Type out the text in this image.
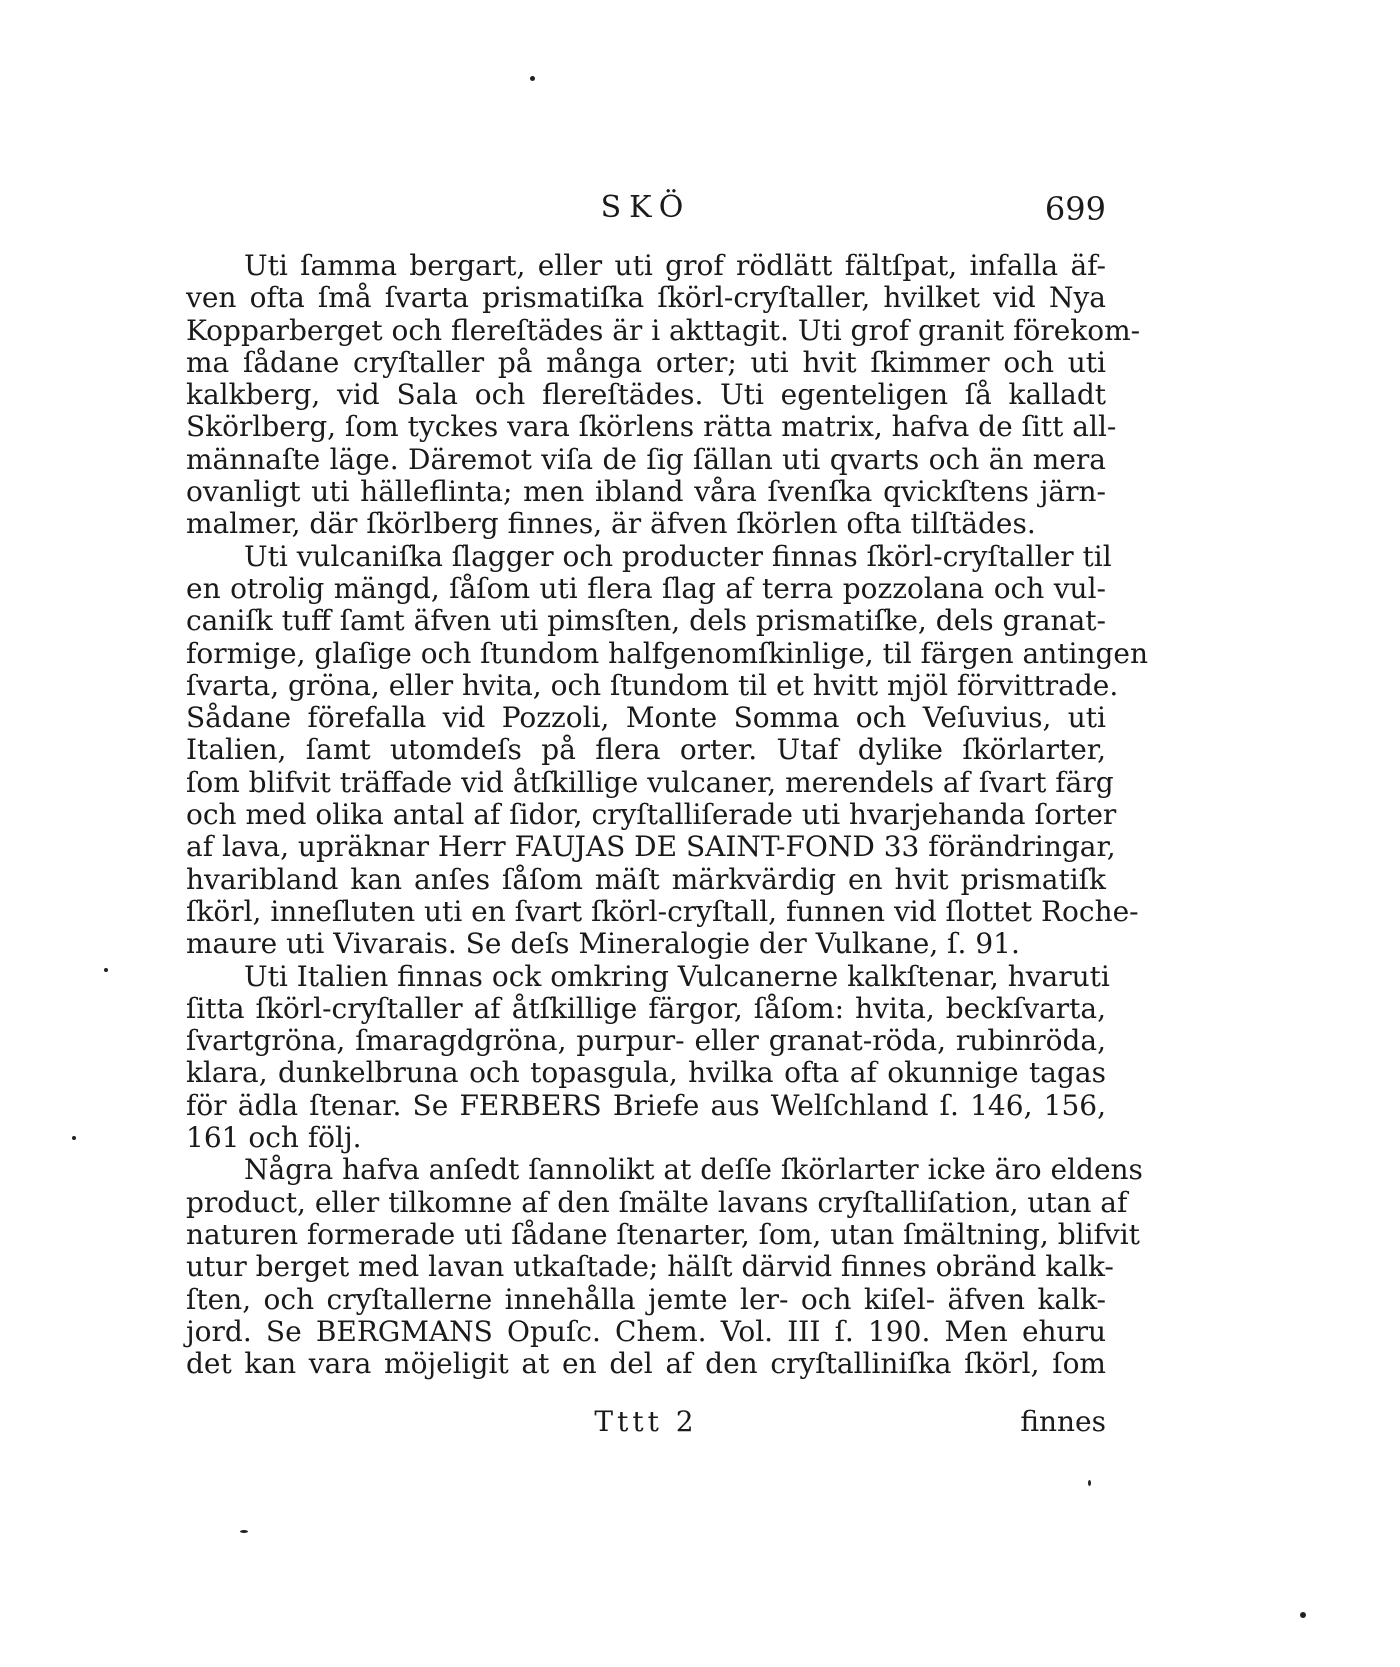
SKÖ	699
Uti ſamma bergart, eller uti grof rödlätt fältſpat, infalla äf-
ven ofta ſmå ſvarta prismatiſka ſkörl-cryſtaller, hvilket vid Nya
Kopparberget och flereſtädes är i akttagit. Uti grof granit förekom-
ma ſådane cryſtaller på många orter; uti hvit ſkimmer och uti
kalkberg, vid Sala och flereſtädes. Uti egenteligen ſå kalladt
Skörlberg, ſom tyckes vara ſkörlens rätta matrix, hafva de ſitt all-
männaſte läge. Däremot viſa de ſig ſällan uti qvarts och än mera
ovanligt uti hälleflinta; men ibland våra ſvenſka qvickſtens järn-
malmer, där ſkörlberg finnes, är äfven ſkörlen ofta tilſtädes.
Uti vulcaniſka ſlagger och producter finnas ſkörl-cryſtaller til
en otrolig mängd, ſåſom uti flera ſlag af terra pozzolana och vul-
caniſk tuff ſamt äfven uti pimsſten, dels prismatiſke, dels granat-
formige, glaſige och ſtundom halfgenomſkinlige, til färgen antingen
ſvarta, gröna, eller hvita, och ſtundom til et hvitt mjöl förvittrade.
Sådane förefalla vid Pozzoli, Monte Somma och Veſuvius, uti
Italien, ſamt utomdeſs på flera orter. Utaf dylike ſkörlarter,
ſom blifvit träffade vid åtſkillige vulcaner, merendels af ſvart färg
och med olika antal af ſidor, cryſtalliſerade uti hvarjehanda ſorter
af lava, upräknar Herr FAUJAS DE SAINT-FOND 33 förändringar,
hvaribland kan anſes ſåſom mäſt märkvärdig en hvit prismatiſk
ſkörl, inneſluten uti en ſvart ſkörl-cryſtall, funnen vid ſlottet Roche-
maure uti Vivarais. Se deſs Mineralogie der Vulkane, ſ. 91.
Uti Italien finnas ock omkring Vulcanerne kalkſtenar, hvaruti
ſitta ſkörl-cryſtaller af åtſkillige färgor, ſåſom: hvita, beckſvarta,
ſvartgröna, ſmaragdgröna, purpur- eller granat-röda, rubinröda,
klara, dunkelbruna och topasgula, hvilka ofta af okunnige tagas
för ädla ſtenar. Se FERBERS Briefe aus Welſchland ſ. 146, 156,
161 och följ.
Några hafva anſedt ſannolikt at deſſe ſkörlarter icke äro eldens
product, eller tilkomne af den ſmälte lavans cryſtalliſation, utan af
naturen formerade uti ſådane ſtenarter, ſom, utan ſmältning, blifvit
utur berget med lavan utkaſtade; hälſt därvid finnes obränd kalk-
ſten, och cryſtallerne innehålla jemte ler- och kiſel- äfven kalk-
jord. Se BERGMANS Opuſc. Chem. Vol. III ſ. 190. Men ehuru
det kan vara möjeligit at en del af den cryſtalliniſka ſkörl, ſom
Tttt 2	finnes
